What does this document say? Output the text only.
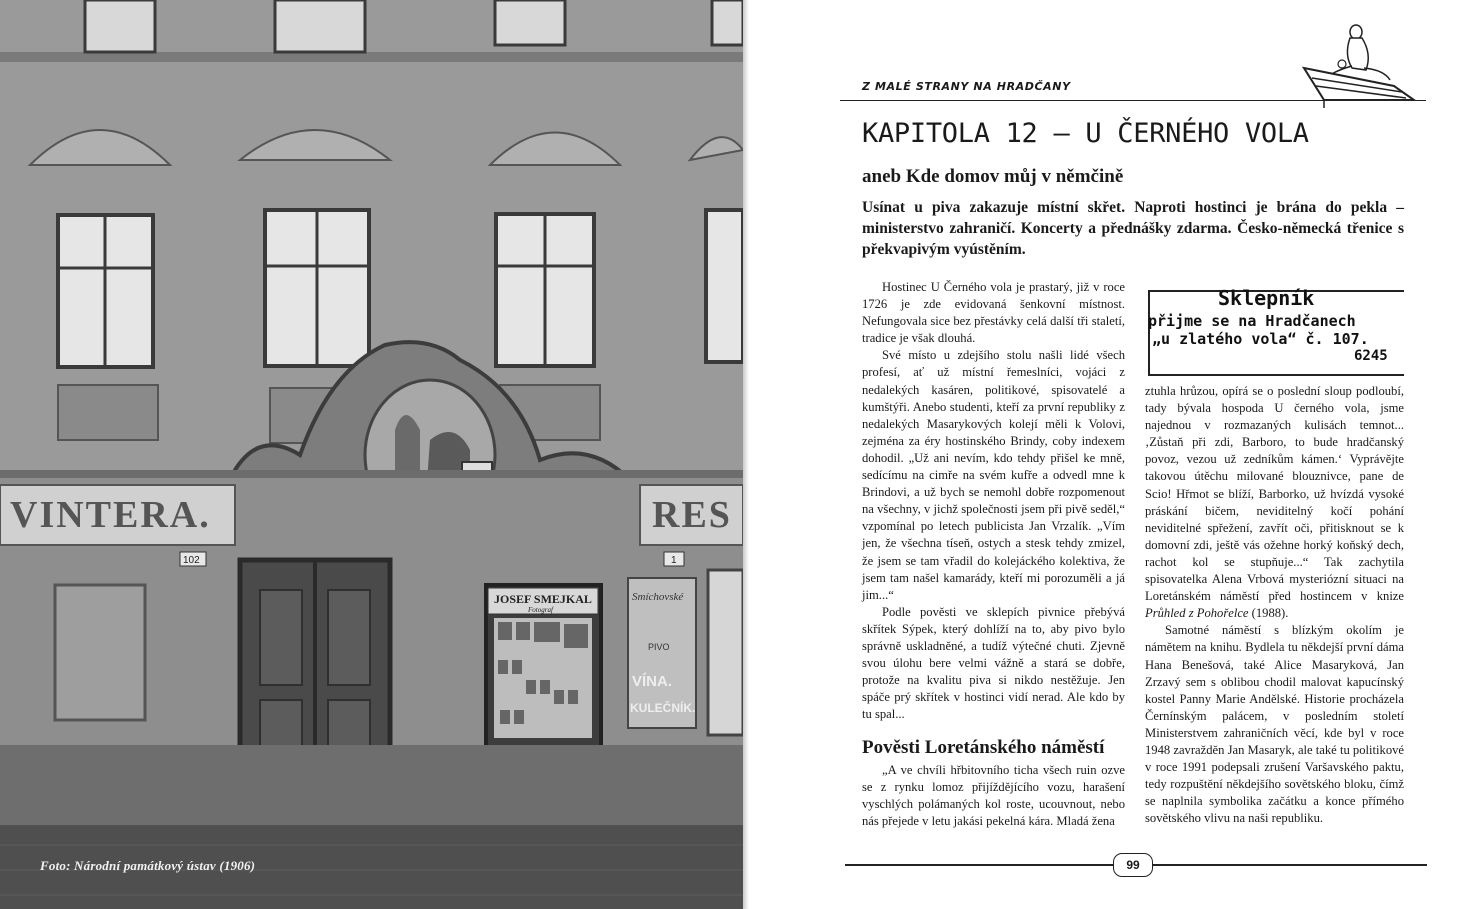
VINTERA.	RES
102	1
JOSEF SMEJKAL
Fotograf
Smíchovské
PIVO
VÍNA.
KULEČNÍK.
Foto: Národní památkový ústav (1906)
Z MALÉ STRANY NA HRADČANY
KAPITOLA 12 – U ČERNÉHO VOLA
aneb Kde domov můj v němčině
Usínat u piva zakazuje místní skřet. Naproti hostinci je brána do pekla – ministerstvo zahraničí. Koncerty a přednášky zdarma. Česko-německá třenice s překvapivým vyústěním.

Hostinec U Černého vola je prastarý, již v roce 1726 je zde evidovaná šenkovní místnost. Nefungovala sice bez přestávky celá další tři staletí, tradice je však dlouhá.

Své místo u zdejšího stolu našli lidé všech profesí, ať už místní řemeslníci, vojáci z nedalekých kasáren, politikové, spisovatelé a kumštýři. Anebo studenti, kteří za první republiky z nedalekých Masarykových kolejí měli k Volovi, zejména za éry hostinského Brindy, coby indexem dohodil. „Už ani nevím, kdo tehdy přišel ke mně, sedícímu na cimře na svém kufře a odvedl mne k Brindovi, a už bych se nemohl dobře rozpomenout na všechny, v jichž společnosti jsem při pivě seděl,“ vzpomínal po letech publicista Jan Vrzalík. „Vím jen, že všechna tíseň, ostych a stesk tehdy zmizel, že jsem se tam vřadil do kolejáckého kolektiva, že jsem tam našel kamarády, kteří mi porozuměli a já jim...“

Podle pověsti ve sklepích pivnice přebývá skřítek Sýpek, který dohlíží na to, aby pivo bylo správně uskladněné, a tudíž výtečné chuti. Zjevně svou úlohu bere velmi vážně a stará se dobře, protože na kvalitu piva si nikdo nestěžuje. Jen spáče prý skřítek v hostinci vidí nerad. Ale kdo by tu spal...

Pověsti Loretánského náměstí

„A ve chvíli hřbitovního ticha všech ruin ozve se z rynku lomoz přijíždějícího vozu, harašení vyschlých polámaných kol roste, ucouvnout, nebo nás přejede v letu jakási pekelná kára. Mladá žena

Sklepník
přijme se na Hradčanech
„u zlatého vola“ č. 107.
6245

ztuhla hrůzou, opírá se o poslední sloup podloubí, tady bývala hospoda U černého vola, jsme najednou v rozmazaných kulisách temnot... ‚Zůstaň při zdi, Barboro, to bude hradčanský povoz, vezou už zedníkům kámen.‘ Vyprávějte takovou útěchu milované blouznivce, pane de Scio! Hřmot se blíží, Barborko, už hvízdá vysoké práskání bičem, neviditelný kočí pohání neviditelné spřežení, zavřít oči, přitisknout se k domovní zdi, ještě vás ožehne horký koňský dech, rachot kol se stupňuje...“ Tak zachytila spisovatelka Alena Vrbová mysteriózní situaci na Loretánském náměstí před hostincem v knize Průhled z Pohořelce (1988).

Samotné náměstí s blízkým okolím je námětem na knihu. Bydlela tu někdejší první dáma Hana Benešová, také Alice Masaryková, Jan Zrzavý sem s oblibou chodil malovat kapucínský kostel Panny Marie Andělské. Historie procházela Černínským palácem, v posledním století Ministerstvem zahraničních věcí, kde byl v roce 1948 zavražděn Jan Masaryk, ale také tu politikové v roce 1991 podepsali zrušení Varšavského paktu, tedy rozpuštění někdejšího sovětského bloku, čímž se naplnila symbolika začátku a konce přímého sovětského vlivu na naši republiku.

99
